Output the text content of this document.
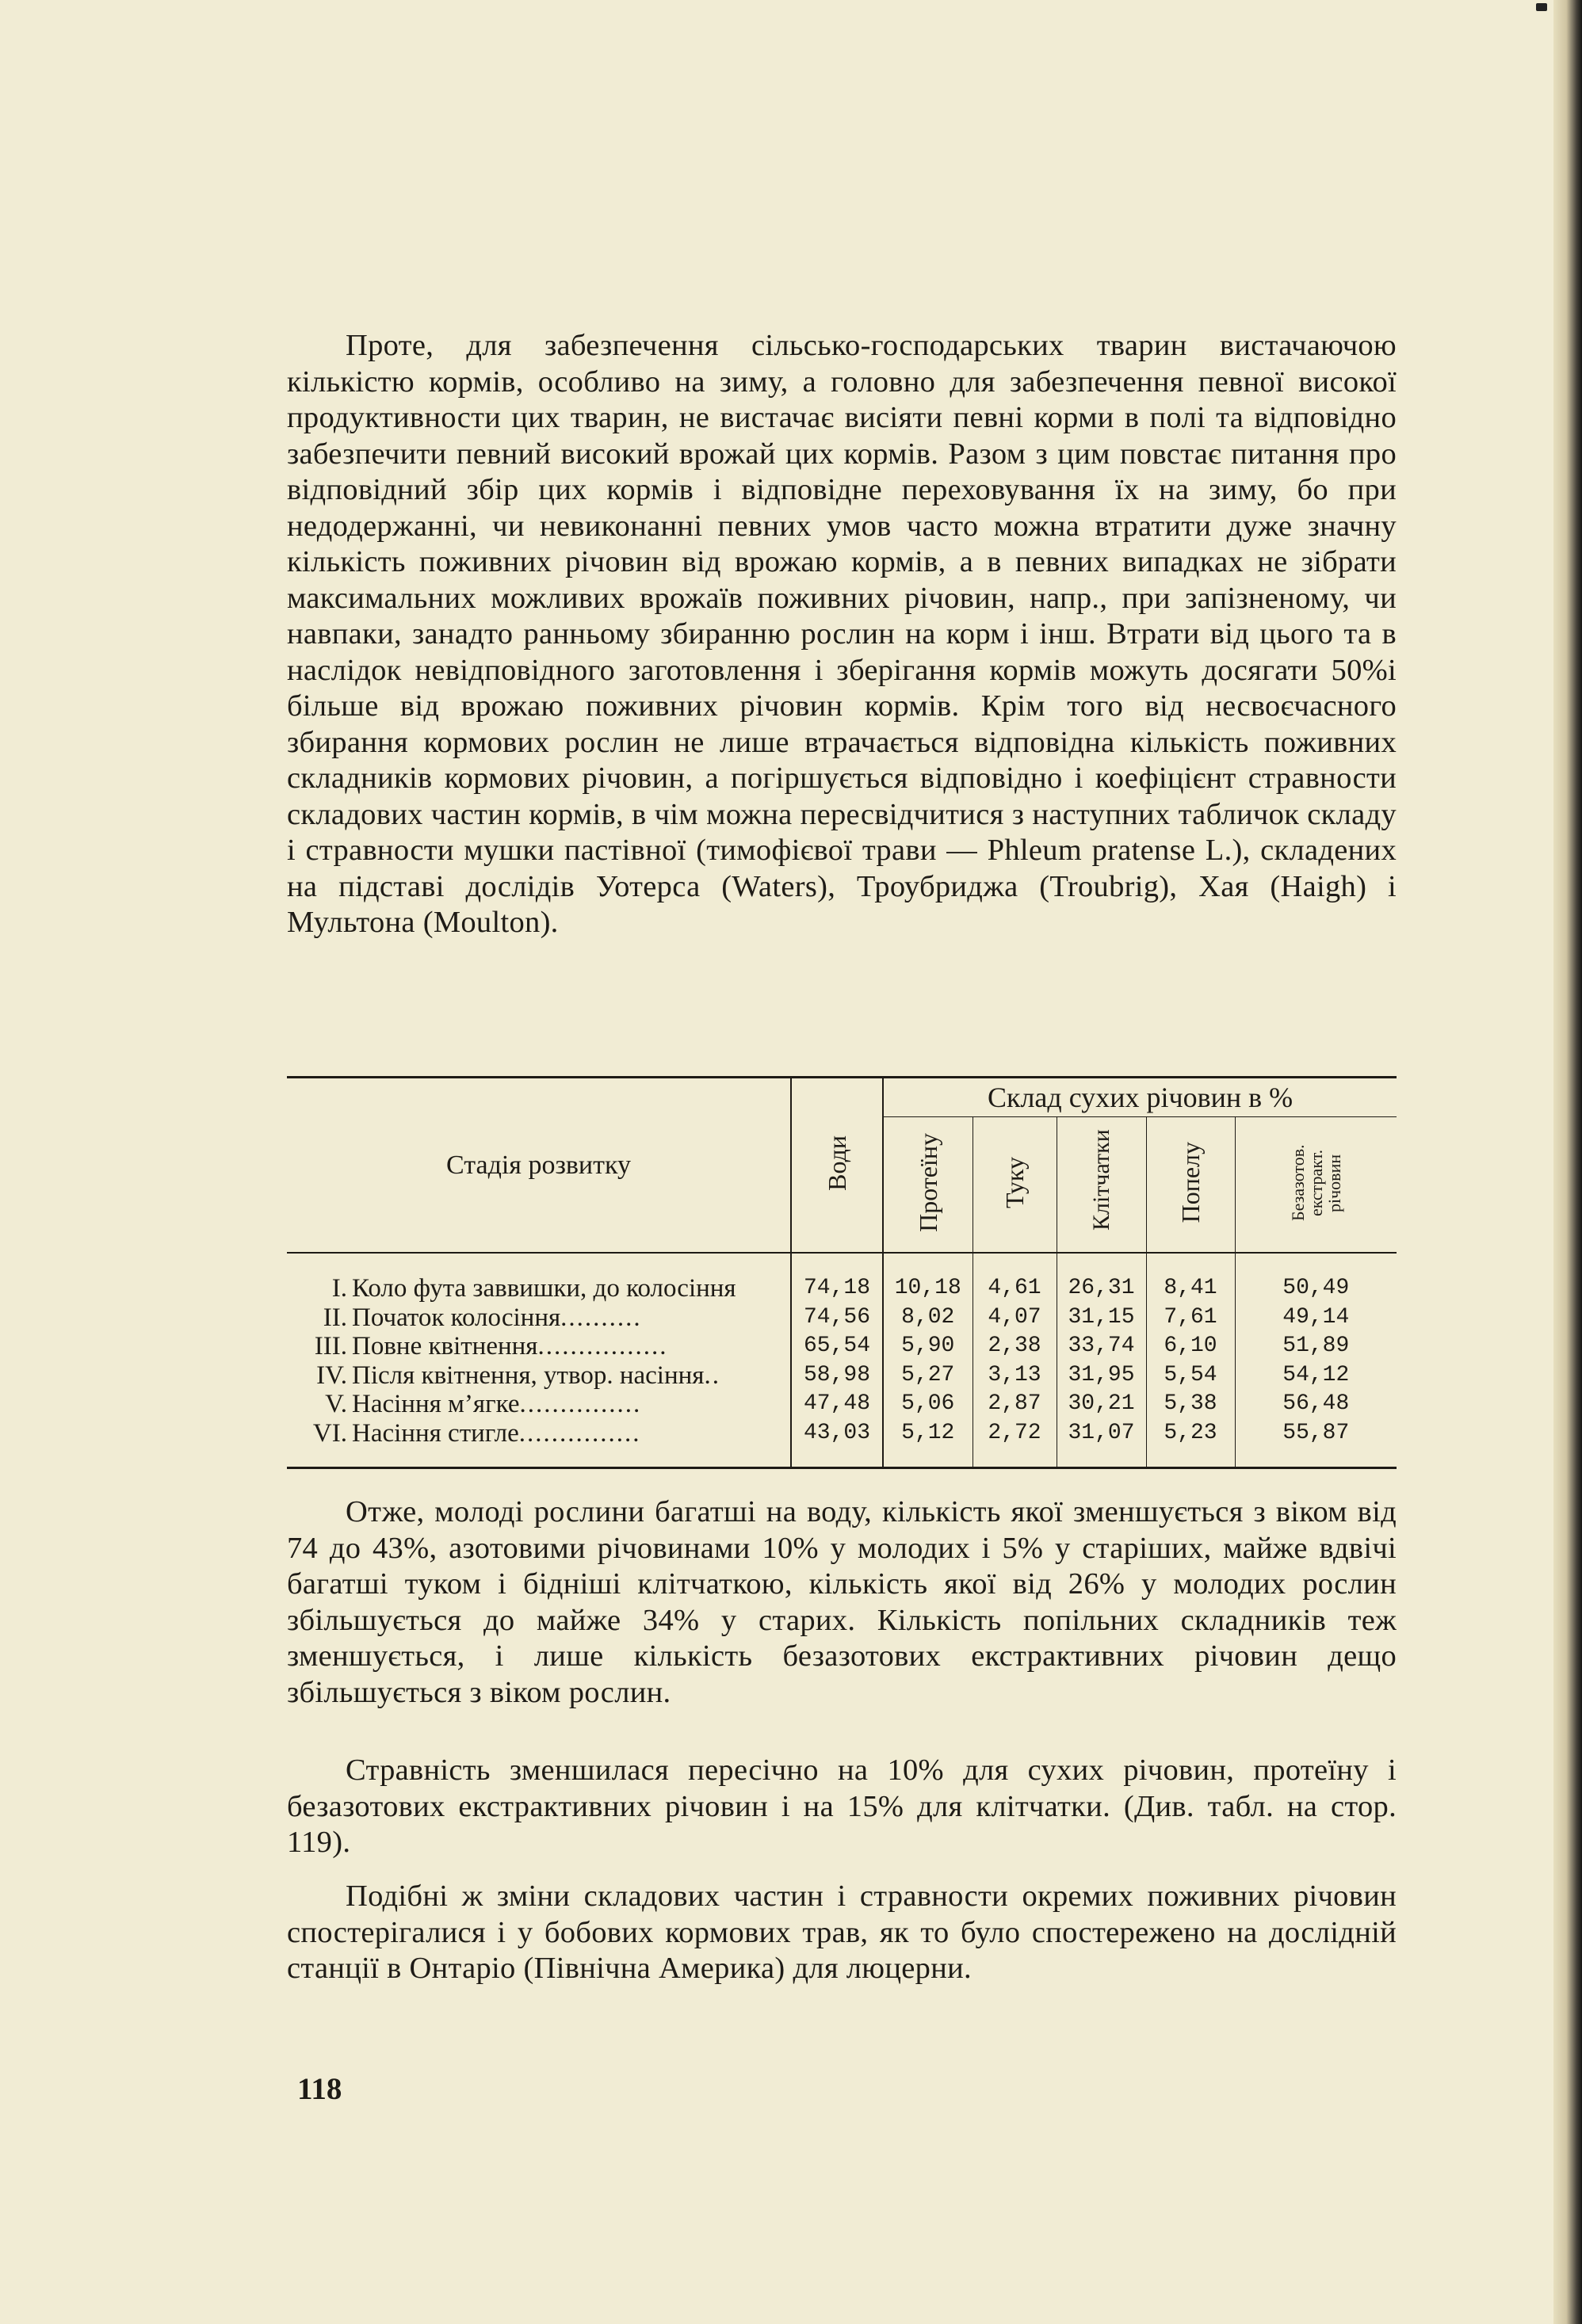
Проте, для забезпечення сільсько-господарських тварин вистачаючою кількістю кормів, особливо на зиму, а головно для забезпечення певної високої продуктивности цих тварин, не вистачає висіяти певні корми в полі та відповідно забезпечити певний високий врожай цих кормів. Разом з цим повстає питання про відповідний збір цих кормів і відповідне переховування їх на зиму, бо при недодержанні, чи невиконанні певних умов часто можна втратити дуже значну кількість поживних річовин від врожаю кормів, а в певних випадках не зібрати максимальних можливих врожаїв поживних річовин, напр., при запізненому, чи навпаки, занадто ранньому збиранню рослин на корм і інш. Втрати від цього та в наслідок невідповідного заготовлення і зберігання кормів можуть досягати 50%і більше від врожаю поживних річовин кормів. Крім того від несвоєчасного збирання кормових рослин не лише втрачається відповідна кількість поживних складників кормових річовин, а погіршується відповідно і коефіцієнт стравности складових частин кормів, в чім можна пересвідчитися з наступних табличок складу і стравности мушки пастівної (тимофієвої трави — Phleum pratense L.), складених на підставі дослідів Уотерса (Waters), Троубриджа (Troubrig), Хая (Haigh) і Мультона (Moulton).

Стадія розвитку	Води	Склад сухих річовин в %				
		Протеїну	Туку	Клітчатки	Попелу	Безазотов. екстракт. річовин

I. Коло фута заввишки, до колосіння	74,18	10,18	4,61	26,31	8,41	50,49
II. Початок колосіння..........	74,56	8,02	4,07	31,15	7,61	49,14
III. Повне квітнення................	65,54	5,90	2,38	33,74	6,10	51,89
IV. Після квітнення, утвор. насіння..	58,98	5,27	3,13	31,95	5,54	54,12
V. Насіння м’ягке...............	47,48	5,06	2,87	30,21	5,38	56,48
VI. Насіння стигле...............	43,03	5,12	2,72	31,07	5,23	55,87

Отже, молоді рослини багатші на воду, кількість якої зменшується з віком від 74 до 43%, азотовими річовинами 10% у молодих і 5% у старіших, майже вдвічі багатші туком і бідніші клітчаткою, кількість якої від 26% у молодих рослин збільшується до майже 34% у старих. Кількість попільних складників теж зменшується, і лише кількість безазотових екстрактивних річовин дещо збільшується з віком рослин.

Стравність зменшилася пересічно на 10% для сухих річовин, протеїну і безазотових екстрактивних річовин і на 15% для клітчатки. (Див. табл. на стор. 119).

Подібні ж зміни складових частин і стравности окремих поживних річовин спостерігалися і у бобових кормових трав, як то було спостережено на дослідній станції в Онтаріо (Північна Америка) для люцерни.

118
